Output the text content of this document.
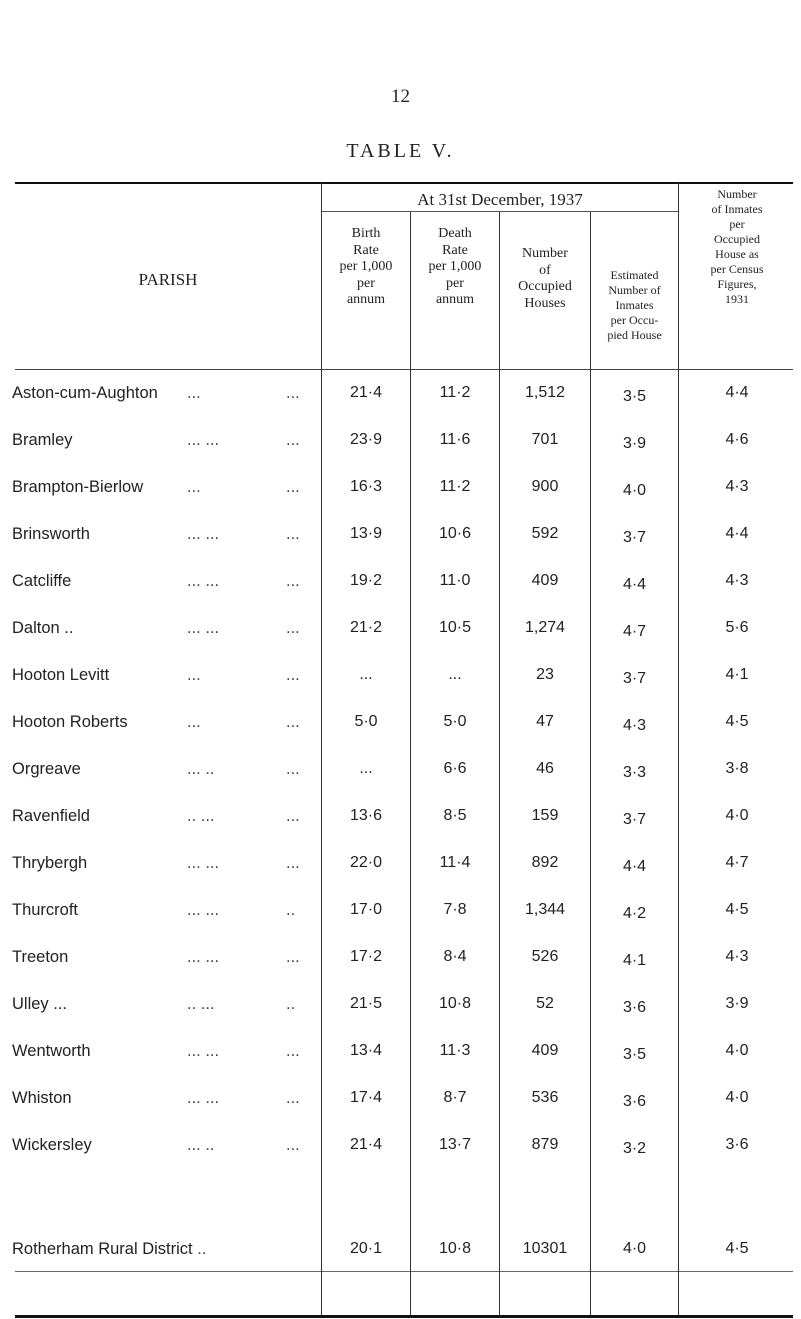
12
TABLE V.
PARISH
At 31st December, 1937
Birth
Rate
per 1,000
per
annum
Death
Rate
per 1,000
per
annum
Number
of
Occupied
Houses
Estimated
Number of
Inmates
per Occu-
pied House
Number
of Inmates
per
Occupied
House as
per Census
Figures,
1931
Aston-cum-Aughton ...	...	21·4	11·2	1,512	3·5	4·4
Bramley	... ...	...	23·9	11·6	701	3·9	4·6
Brampton-Bierlow	...	...	16·3	11·2	900	4·0	4·3
Brinsworth	... ...	...	13·9	10·6	592	3·7	4·4
Catcliffe	... ...	...	19·2	11·0	409	4·4	4·3
Dalton ..	... ...	...	21·2	10·5	1,274	4·7	5·6
Hooton Levitt	...	...	...	...	23	3·7	4·1
Hooton Roberts	...	...	5·0	5·0	47	4·3	4·5
Orgreave	... ..	...	...	6·6	46	3·3	3·8
Ravenfield	.. ...	...	13·6	8·5	159	3·7	4·0
Thrybergh	... ...	...	22·0	11·4	892	4·4	4·7
Thurcroft	... ...	..	17·0	7·8	1,344	4·2	4·5
Treeton	... ...	...	17·2	8·4	526	4·1	4·3
Ulley ...	.. ...	..	21·5	10·8	52	3·6	3·9
Wentworth	... ...	...	13·4	11·3	409	3·5	4·0
Whiston	... ...	...	17·4	8·7	536	3·6	4·0
Wickersley	... ..	...	21·4	13·7	879	3·2	3·6
Rotherham Rural District ..	20·1	10·8	10301	4·0	4·5
